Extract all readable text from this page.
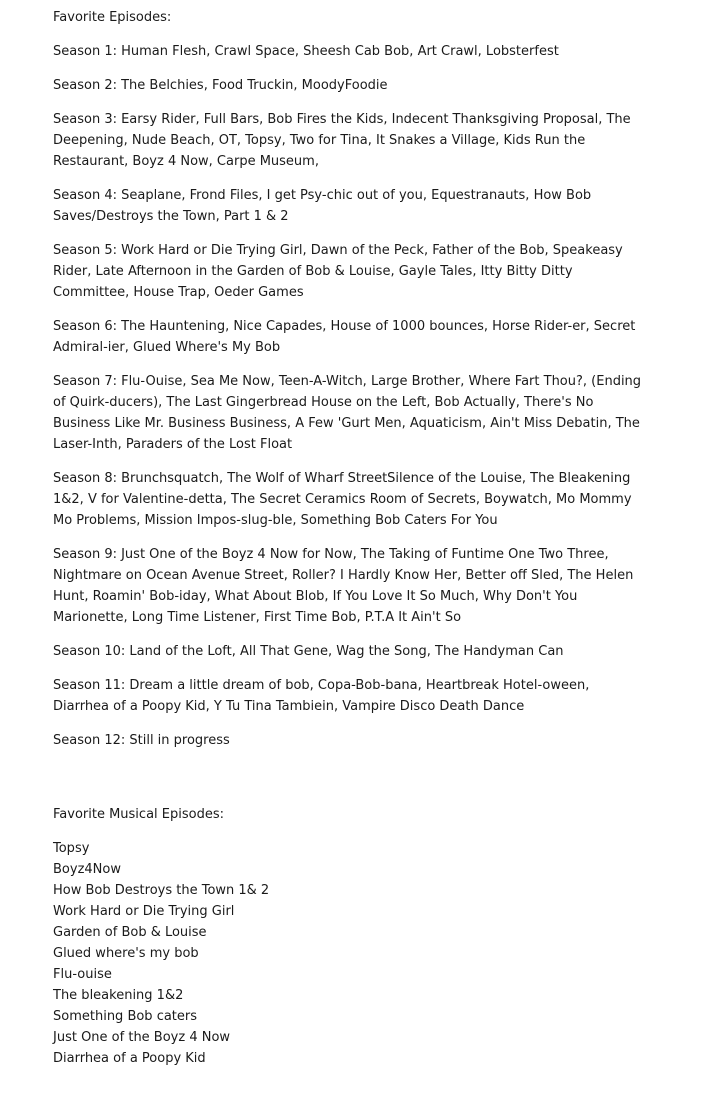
Favorite Episodes:

Season 1: Human Flesh, Crawl Space, Sheesh Cab Bob, Art Crawl, Lobsterfest

Season 2: The Belchies, Food Truckin, MoodyFoodie

Season 3: Earsy Rider, Full Bars, Bob Fires the Kids, Indecent Thanksgiving Proposal, The Deepening, Nude Beach, OT, Topsy, Two for Tina, It Snakes a Village, Kids Run the Restaurant, Boyz 4 Now, Carpe Museum,

Season 4: Seaplane, Frond Files, I get Psy-chic out of you, Equestranauts, How Bob Saves/Destroys the Town, Part 1 & 2

Season 5: Work Hard or Die Trying Girl, Dawn of the Peck, Father of the Bob, Speakeasy Rider, Late Afternoon in the Garden of Bob & Louise, Gayle Tales, Itty Bitty Ditty Committee, House Trap, Oeder Games

Season 6: The Hauntening, Nice Capades, House of 1000 bounces, Horse Rider-er, Secret Admiral-ier, Glued Where's My Bob

Season 7: Flu-Ouise, Sea Me Now, Teen-A-Witch, Large Brother, Where Fart Thou?, (Ending of Quirk-ducers), The Last Gingerbread House on the Left, Bob Actually, There's No Business Like Mr. Business Business, A Few 'Gurt Men, Aquaticism, Ain't Miss Debatin, The Laser-Inth, Paraders of the Lost Float

Season 8: Brunchsquatch, The Wolf of Wharf StreetSilence of the Louise, The Bleakening 1&2, V for Valentine-detta, The Secret Ceramics Room of Secrets, Boywatch, Mo Mommy Mo Problems, Mission Impos-slug-ble, Something Bob Caters For You

Season 9: Just One of the Boyz 4 Now for Now, The Taking of Funtime One Two Three, Nightmare on Ocean Avenue Street, Roller? I Hardly Know Her, Better off Sled, The Helen Hunt, Roamin' Bob-iday, What About Blob, If You Love It So Much, Why Don't You Marionette, Long Time Listener, First Time Bob, P.T.A It Ain't So

Season 10: Land of the Loft, All That Gene, Wag the Song, The Handyman Can

Season 11: Dream a little dream of bob, Copa-Bob-bana, Heartbreak Hotel-oween, Diarrhea of a Poopy Kid, Y Tu Tina Tambiein, Vampire Disco Death Dance

Season 12: Still in progress

Favorite Musical Episodes:

Topsy

Boyz4Now

How Bob Destroys the Town 1& 2

Work Hard or Die Trying Girl

Garden of Bob & Louise

Glued where's my bob

Flu-ouise

The bleakening 1&2

Something Bob caters

Just One of the Boyz 4 Now

Diarrhea of a Poopy Kid
